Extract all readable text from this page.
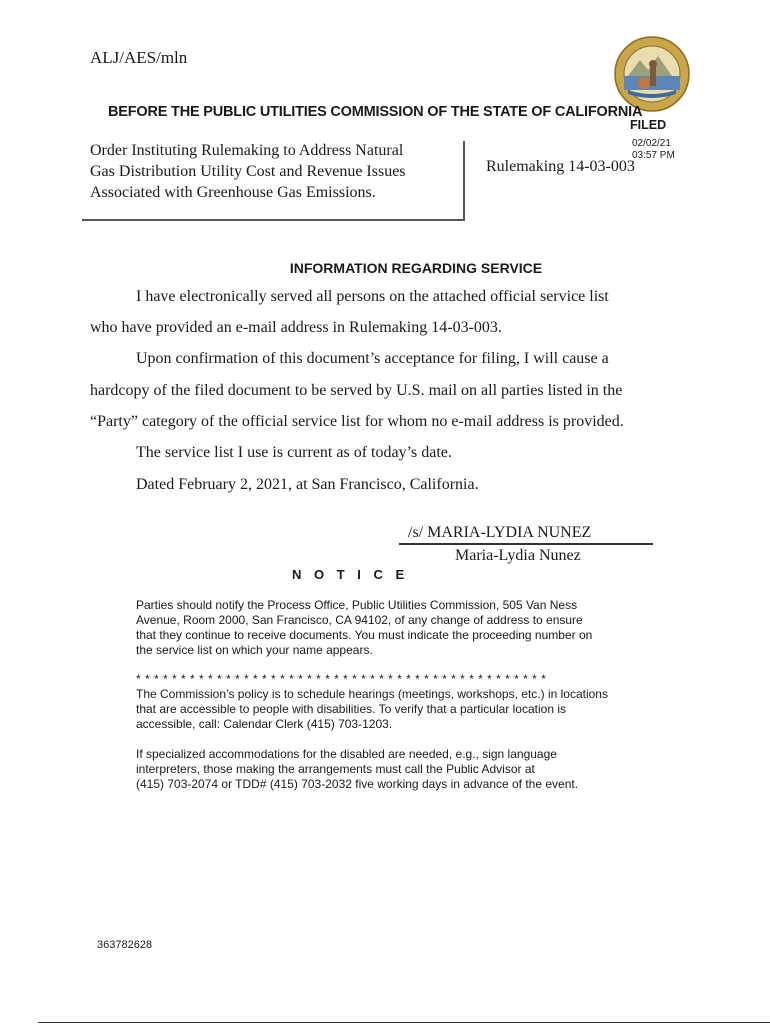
ALJ/AES/mln
BEFORE THE PUBLIC UTILITIES COMMISSION OF THE STATE OF CALIFORNIA
FILED
02/02/21
03:57 PM
Order Instituting Rulemaking to Address Natural
Gas Distribution Utility Cost and Revenue Issues
Associated with Greenhouse Gas Emissions.
Rulemaking 14-03-003
INFORMATION REGARDING SERVICE
I have electronically served all persons on the attached official service list
who have provided an e-mail address in Rulemaking 14-03-003.
Upon confirmation of this document’s acceptance for filing, I will cause a
hardcopy of the filed document to be served by U.S. mail on all parties listed in the
“Party” category of the official service list for whom no e-mail address is provided.
The service list I use is current as of today’s date.
Dated February 2, 2021, at San Francisco, California.
/s/ MARIA-LYDIA NUNEZ
Maria-Lydia Nunez
N O T I C E
Parties should notify the Process Office, Public Utilities Commission, 505 Van Ness
Avenue, Room 2000, San Francisco, CA 94102, of any change of address to ensure
that they continue to receive documents. You must indicate the proceeding number on
the service list on which your name appears.
* * * * * * * * * * * * * * * * * * * * * * * * * * * * * * * * * * * * * * * * * * * * * *
The Commission’s policy is to schedule hearings (meetings, workshops, etc.) in locations
that are accessible to people with disabilities. To verify that a particular location is
accessible, call: Calendar Clerk (415) 703-1203.
If specialized accommodations for the disabled are needed, e.g., sign language
interpreters, those making the arrangements must call the Public Advisor at
(415) 703-2074 or TDD# (415) 703-2032 five working days in advance of the event.
363782628
